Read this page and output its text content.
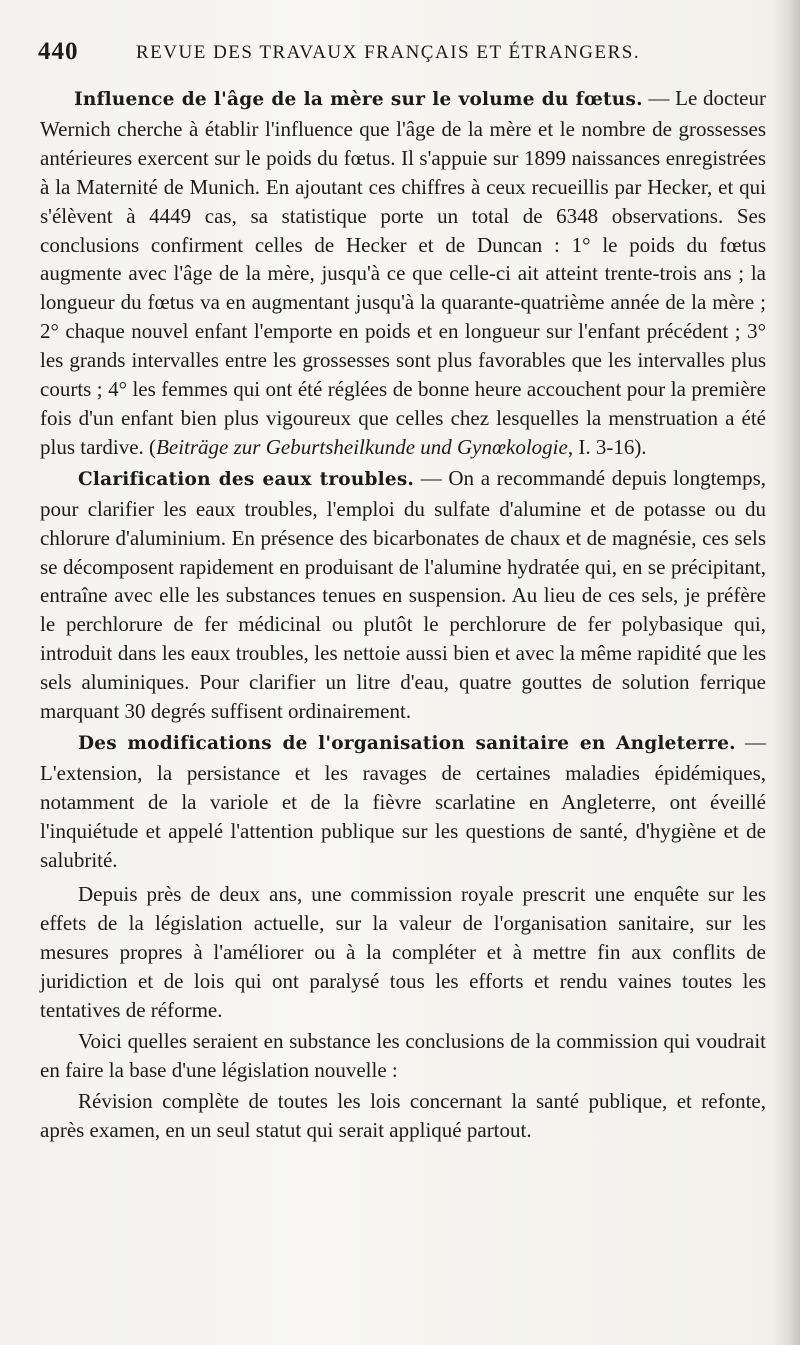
440	REVUE DES TRAVAUX FRANÇAIS ET ÉTRANGERS.

Influence de l'âge de la mère sur le volume du fœtus. — Le docteur Wernich cherche à établir l'influence que l'âge de la mère et le nombre de grossesses antérieures exercent sur le poids du fœtus. Il s'appuie sur 1899 naissances enregistrées à la Maternité de Munich. En ajoutant ces chiffres à ceux recueillis par Hecker, et qui s'élèvent à 4449 cas, sa statistique porte un total de 6348 observations. Ses conclusions confirment celles de Hecker et de Duncan : 1° le poids du fœtus augmente avec l'âge de la mère, jusqu'à ce que celle-ci ait atteint trente-trois ans ; la longueur du fœtus va en augmentant jusqu'à la quarante-quatrième année de la mère ; 2° chaque nouvel enfant l'emporte en poids et en longueur sur l'enfant précédent ; 3° les grands intervalles entre les grossesses sont plus favorables que les intervalles plus courts ; 4° les femmes qui ont été réglées de bonne heure accouchent pour la première fois d'un enfant bien plus vigoureux que celles chez lesquelles la menstruation a été plus tardive. (Beiträge zur Geburtsheilkunde und Gynœkologie, I. 3-16).

Clarification des eaux troubles. — On a recommandé depuis longtemps, pour clarifier les eaux troubles, l'emploi du sulfate d'alumine et de potasse ou du chlorure d'aluminium. En présence des bicarbonates de chaux et de magnésie, ces sels se décomposent rapidement en produisant de l'alumine hydratée qui, en se précipitant, entraîne avec elle les substances tenues en suspension. Au lieu de ces sels, je préfère le perchlorure de fer médicinal ou plutôt le perchlorure de fer polybasique qui, introduit dans les eaux troubles, les nettoie aussi bien et avec la même rapidité que les sels aluminiques. Pour clarifier un litre d'eau, quatre gouttes de solution ferrique marquant 30 degrés suffisent ordinairement.

Des modifications de l'organisation sanitaire en Angleterre. — L'extension, la persistance et les ravages de certaines maladies épidémiques, notamment de la variole et de la fièvre scarlatine en Angleterre, ont éveillé l'inquiétude et appelé l'attention publique sur les questions de santé, d'hygiène et de salubrité.

Depuis près de deux ans, une commission royale prescrit une enquête sur les effets de la législation actuelle, sur la valeur de l'organisation sanitaire, sur les mesures propres à l'améliorer ou à la compléter et à mettre fin aux conflits de juridiction et de lois qui ont paralysé tous les efforts et rendu vaines toutes les tentatives de réforme.

Voici quelles seraient en substance les conclusions de la commission qui voudrait en faire la base d'une législation nouvelle :

Révision complète de toutes les lois concernant la santé publique, et refonte, après examen, en un seul statut qui serait appliqué partout.
